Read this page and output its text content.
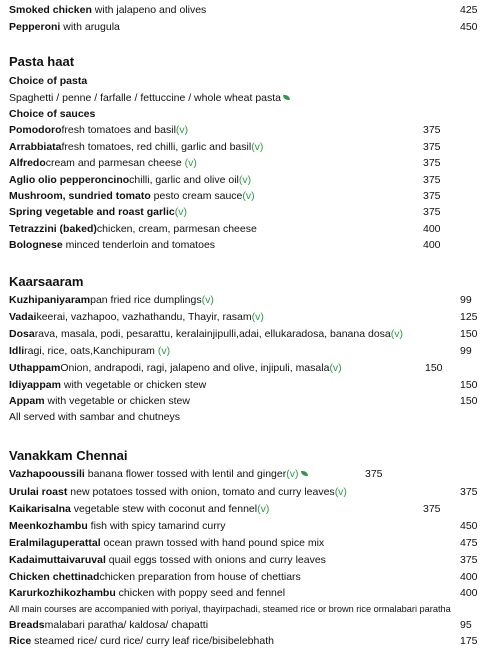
Smoked chicken with jalapeno and olives	425
Pepperoni with arugula	450
Pasta haat
Choice of pasta
Spaghetti / penne / farfalle / fettuccine / whole wheat pasta
Choice of sauces
Pomodorofresh tomatoes and basil(v)	375
Arrabbiatafresh tomatoes, red chilli, garlic and basil(v)	375
Alfredocream and parmesan cheese (v)	375
Aglio olio pepperoncinochilli, garlic and olive oil(v)	375
Mushroom, sundried tomato pesto cream sauce(v)	375
Spring vegetable and roast garlic(v)	375
Tetrazzini (baked)chicken, cream, parmesan cheese	400
Bolognese minced tenderloin and tomatoes	400
Kaarsaaram
Kuzhipaniyarampan fried rice dumplings(v)	99
Vadaikeerai, vazhapoo, vazhathandu, Thayir, rasam(v)	125
Dosarava, masala, podi, pesarattu, keralainjipulli,adai, ellukaradosa, banana dosa(v)	150
Idliragi, rice, oats,Kanchipuram (v)	99
UthappamOnion, andrapodi, ragi, jalapeno and olive, injipuli, masala(v)	150
Idiyappam with vegetable or chicken stew	150
Appam with vegetable or chicken stew	150
All served with sambar and chutneys
Vanakkam Chennai
Vazhapooussili banana flower tossed with lentil and ginger(v)	375
Urulai roast new potatoes tossed with onion, tomato and curry leaves(v)	375
Kaikarisalna vegetable stew with coconut and fennel(v)	375
Meenkozhambu fish with spicy tamarind curry	450
Eralmilaguperattal ocean prawn tossed with hand pound spice mix	475
Kadaimuttaivaruval quail eggs tossed with onions and curry leaves	375
Chicken chettinadchicken preparation from house of chettiars	400
Karurkozhikozhambu chicken with poppy seed and fennel	400
All main courses are accompanied with poriyal, thayirpachadi, steamed rice or brown rice ormalabari paratha
Breadsmalabari paratha/ kaldosa/ chapatti	95
Rice steamed rice/ curd rice/ curry leaf rice/bisibelebhath	175
